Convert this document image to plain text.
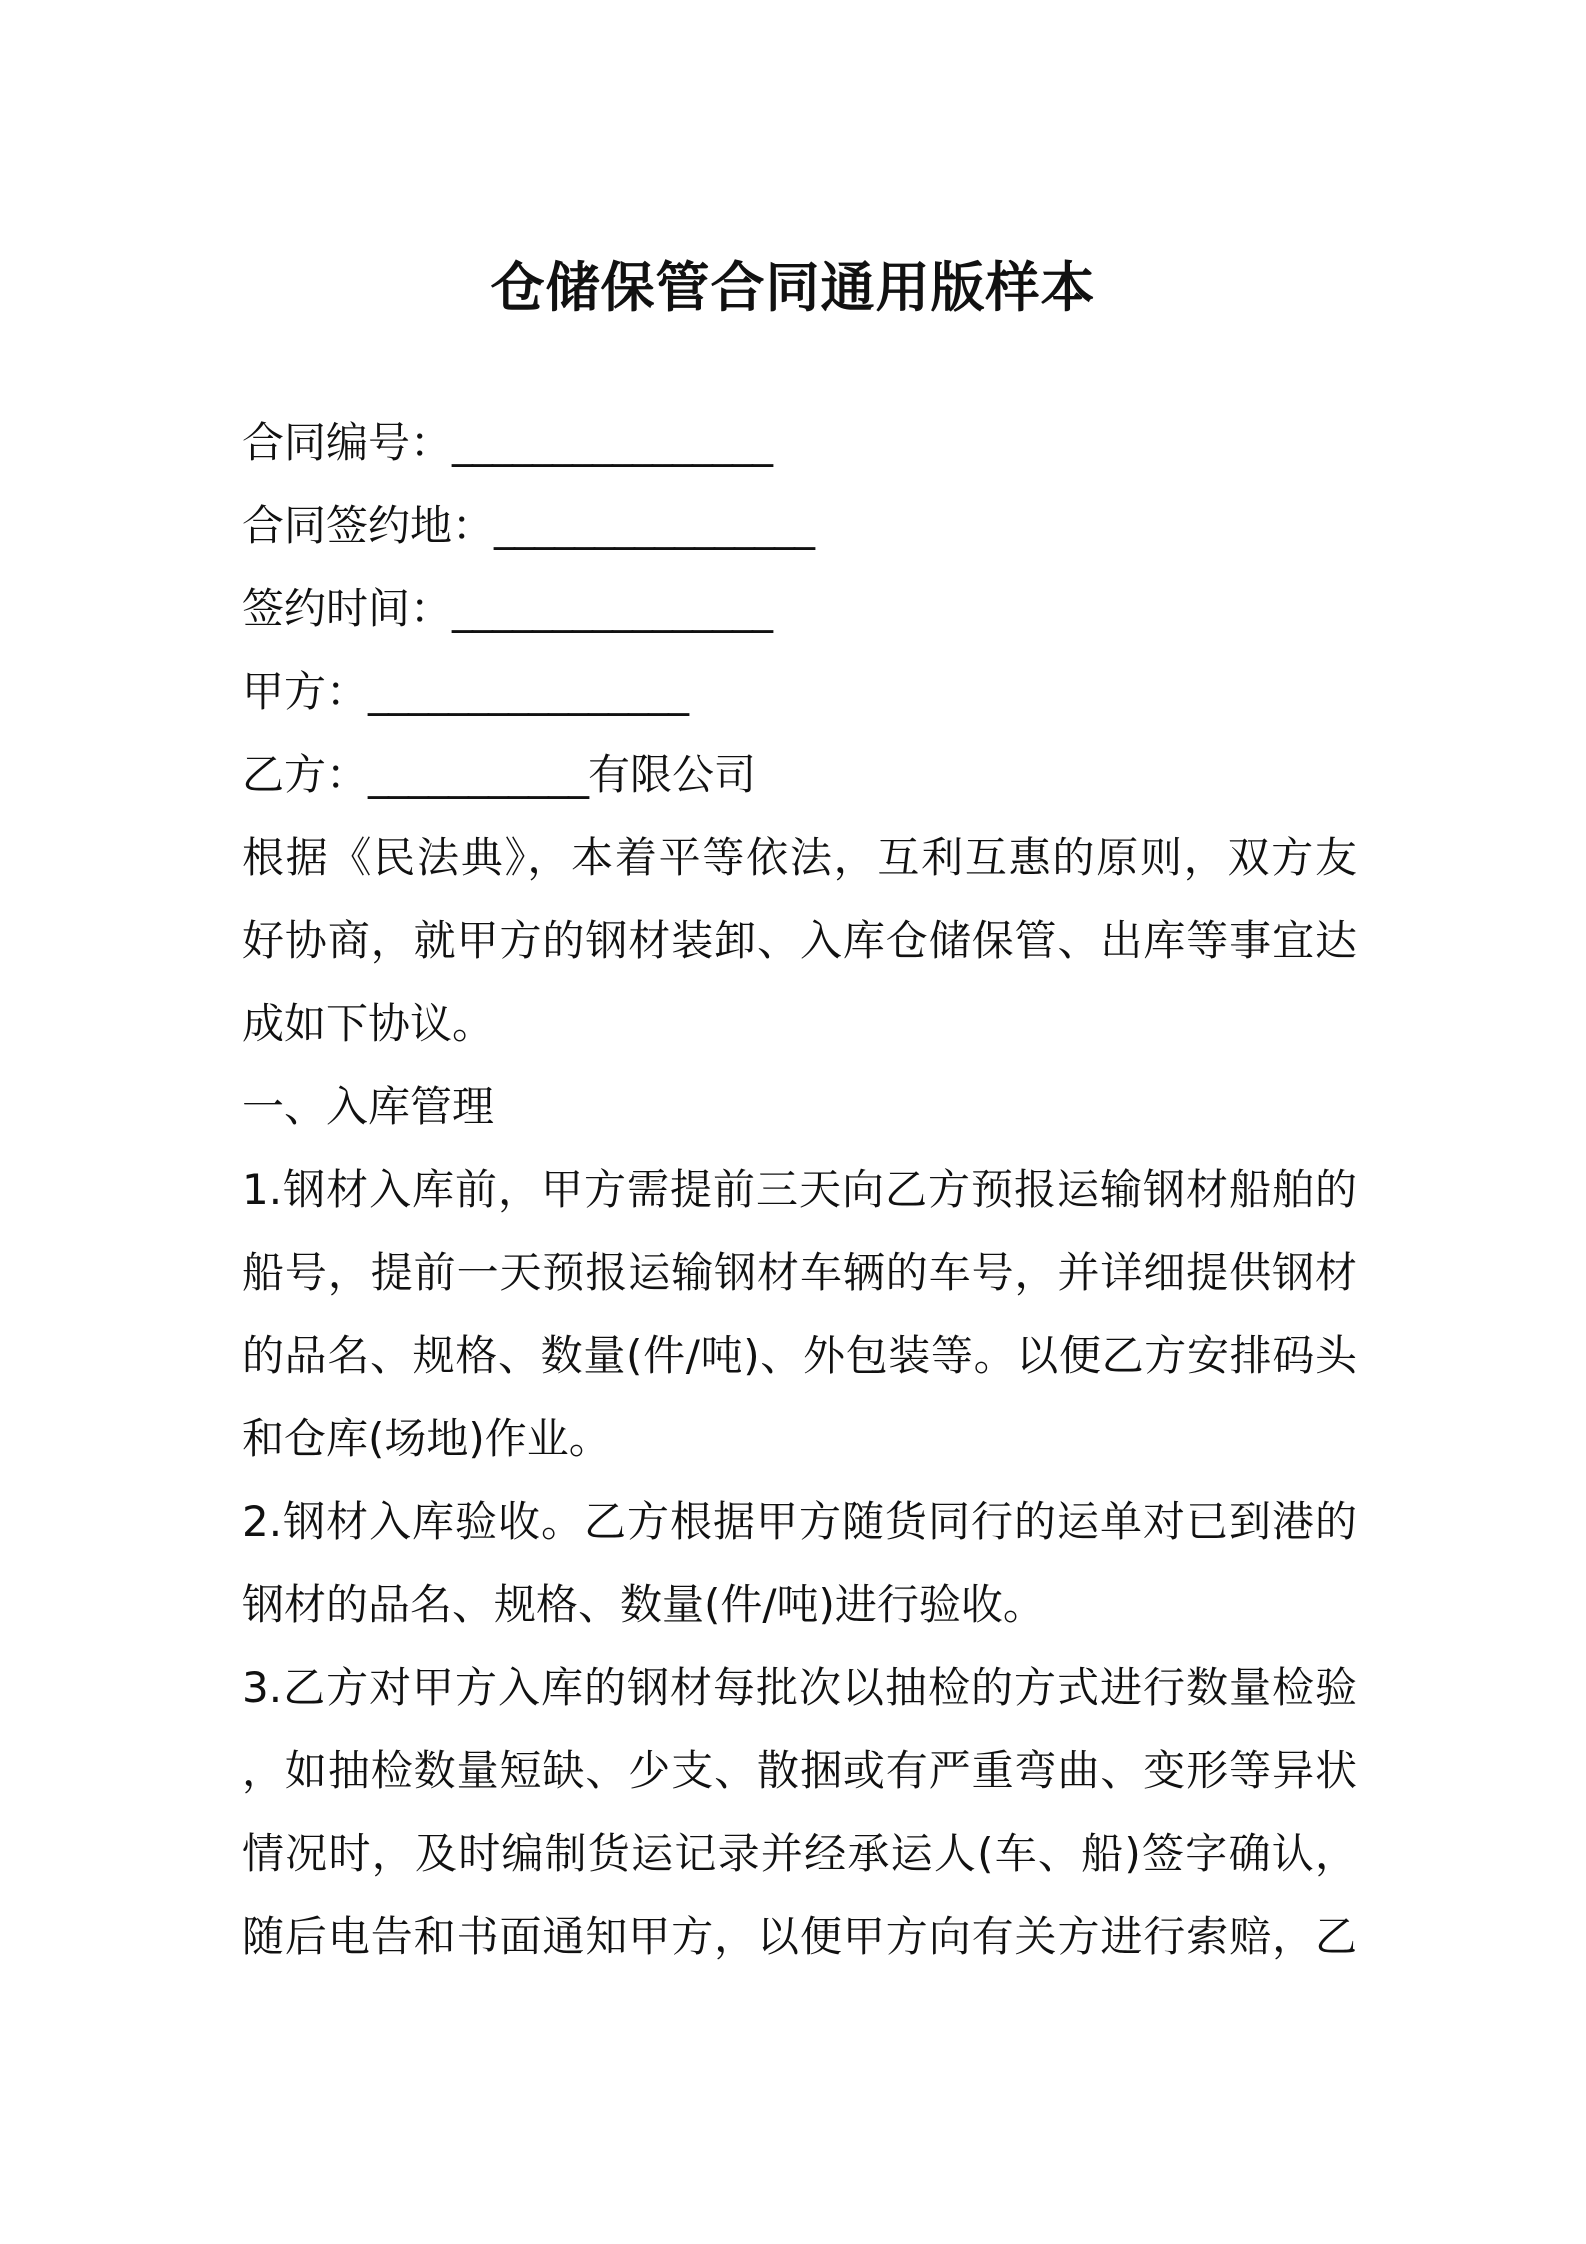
仓储保管合同通用版样本
合同编号：________________
合同签约地：________________
签约时间：________________
甲方：________________
乙方：___________有限公司
根据《民法典》，本着平等依法，互利互惠的原则，双方友
好协商，就甲方的钢材装卸、入库仓储保管、出库等事宜达
成如下协议。
一、入库管理
1.钢材入库前，甲方需提前三天向乙方预报运输钢材船舶的
船号，提前一天预报运输钢材车辆的车号，并详细提供钢材
的品名、规格、数量(件/吨)、外包装等。以便乙方安排码头
和仓库(场地)作业。
2.钢材入库验收。乙方根据甲方随货同行的运单对已到港的
钢材的品名、规格、数量(件/吨)进行验收。
3.乙方对甲方入库的钢材每批次以抽检的方式进行数量检验
，如抽检数量短缺、少支、散捆或有严重弯曲、变形等异状
情况时，及时编制货运记录并经承运人(车、船)签字确认，
随后电告和书面通知甲方，以便甲方向有关方进行索赔，乙
